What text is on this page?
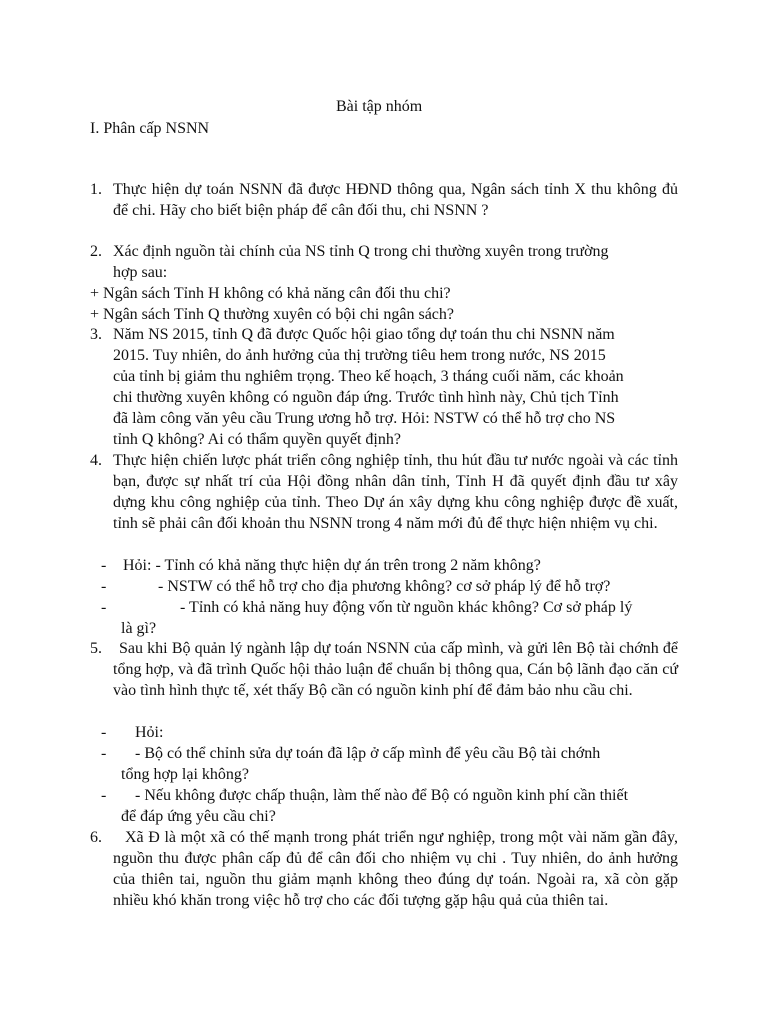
Bài tập nhóm
I. Phân cấp NSNN
1. Thực hiện dự toán NSNN đã được HĐND thông qua, Ngân sách tỉnh X thu không đủ để chi. Hãy cho biết biện pháp để cân đối thu, chi NSNN ?
2. Xác định nguồn tài chính của NS tỉnh Q trong chi thường xuyên trong trường
hợp sau:
+ Ngân sách Tỉnh H không có khả năng cân đối thu chi?
+ Ngân sách Tỉnh Q thường xuyên có bội chi ngân sách?
3. Năm NS 2015, tỉnh Q đã được Quốc hội giao tổng dự toán thu chi NSNN năm
2015. Tuy nhiên, do ảnh hưởng của thị trường tiêu hem trong nước, NS 2015
của tỉnh bị giảm thu nghiêm trọng. Theo kế hoạch, 3 tháng cuối năm, các khoản
chi thường xuyên không có nguồn đáp ứng. Trước tình hình này, Chủ tịch Tỉnh
đã làm công văn yêu cầu Trung ương hỗ trợ. Hỏi: NSTW có thể hỗ trợ cho NS
tỉnh Q không? Ai có thẩm quyền quyết định?
4. Thực hiện chiến lược phát triển công nghiệp tỉnh, thu hút đầu tư nước ngoài và các tỉnh bạn, được sự nhất trí của Hội đồng nhân dân tỉnh, Tỉnh H đã quyết định đầu tư xây dựng khu công nghiệp của tỉnh. Theo Dự án xây dựng khu công nghiệp được đề xuất, tỉnh sẽ phải cân đối khoản thu NSNN trong 4 năm mới đủ để thực hiện nhiệm vụ chi.
- Hỏi: - Tỉnh có khả năng thực hiện dự án trên trong 2 năm không?
-	- NSTW có thể hỗ trợ cho địa phương không? cơ sở pháp lý để hỗ trợ?
-	- Tỉnh có khả năng huy động vốn từ nguồn khác không? Cơ sở pháp lý
là gì?
5.
	Sau khi Bộ quản lý ngành lập dự toán NSNN của cấp mình, và gửi lên Bộ tài chớnh để tổng hợp, và đã trình Quốc hội thảo luận để chuẩn bị thông qua, Cán bộ lãnh đạo căn cứ vào tình hình thực tế, xét thấy Bộ cần có nguồn kinh phí để đảm bảo nhu cầu chi.
- Hỏi:
- - Bộ có thể chỉnh sửa dự toán đã lập ở cấp mình để yêu cầu Bộ tài chớnh
tổng hợp lại không?
- - Nếu không được chấp thuận, làm thế nào để Bộ có nguồn kinh phí cần thiết
để đáp ứng yêu cầu chi?
6.	Xã Đ là một xã có thế mạnh trong phát triển ngư nghiệp, trong một vài năm gần đây, nguồn thu được phân cấp đủ để cân đối cho nhiệm vụ chi . Tuy nhiên, do ảnh hưởng của thiên tai, nguồn thu giảm mạnh không theo đúng dự toán. Ngoài ra, xã còn gặp nhiều khó khăn trong việc hỗ trợ cho các đối tượng gặp hậu quả của thiên tai.
